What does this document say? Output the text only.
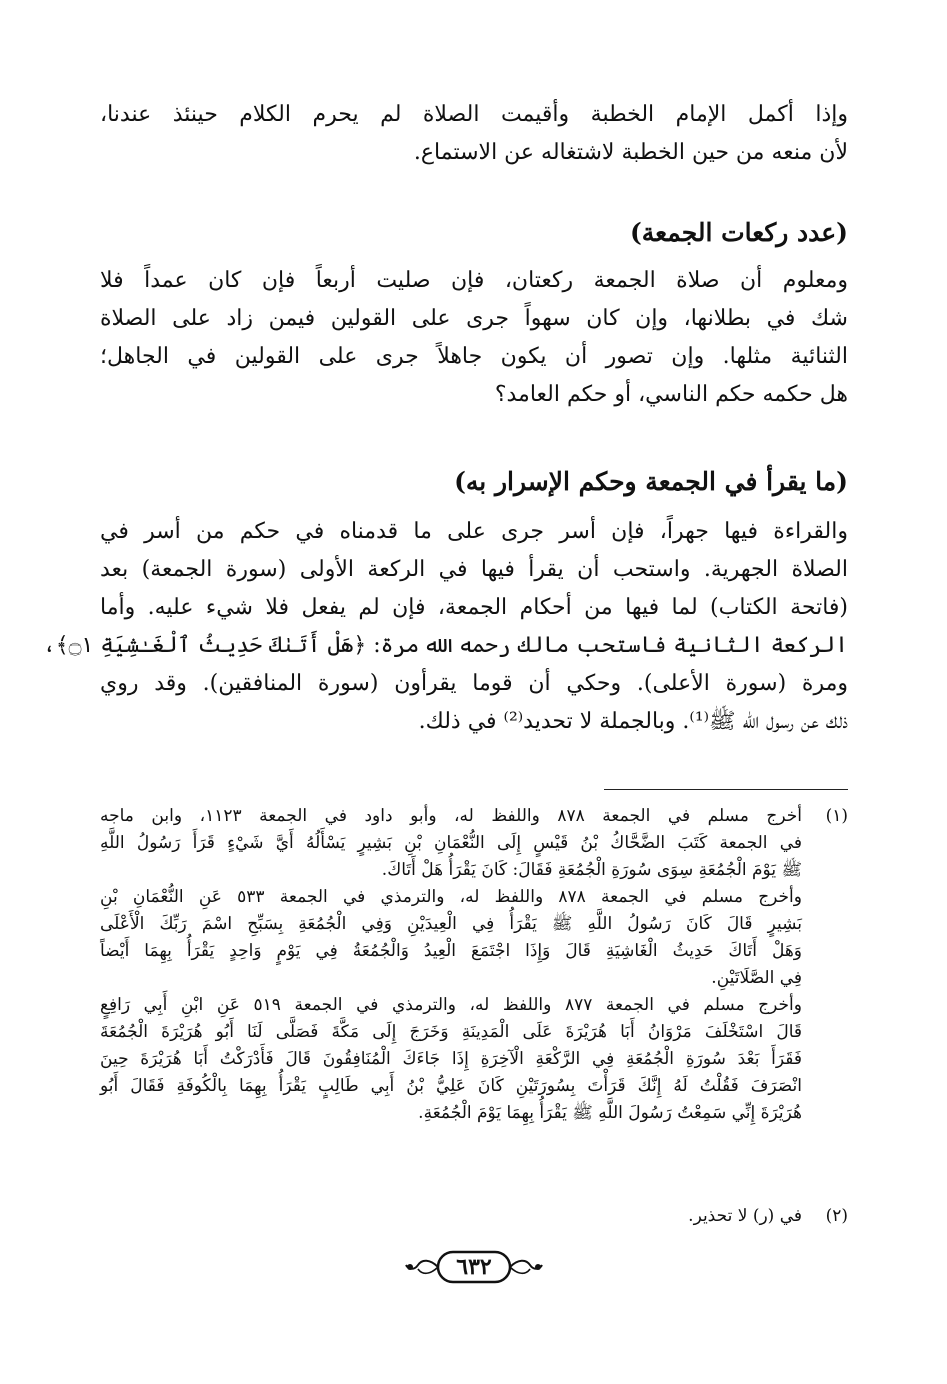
وإذا أكمل الإمام الخطبة وأقيمت الصلاة لم يحرم الكلام حينئذ عندنا،
لأن منعه من حين الخطبة لاشتغاله عن الاستماع.
(عدد ركعات الجمعة)
ومعلوم أن صلاة الجمعة ركعتان، فإن صليت أربعاً فإن كان عمداً فلا
شك في بطلانها، وإن كان سهواً جرى على القولين فيمن زاد على الصلاة
الثنائية مثلها. وإن تصور أن يكون جاهلاً جرى على القولين في الجاهل؛
هل حكمه حكم الناسي، أو حكم العامد؟
(ما يقرأ في الجمعة وحكم الإسرار به)
والقراءة فيها جهراً، فإن أسر جرى على ما قدمناه في حكم من أسر في
الصلاة الجهرية. واستحب أن يقرأ فيها في الركعة الأولى (سورة الجمعة) بعد
(فاتحة الكتاب) لما فيها من أحكام الجمعة، فإن لم يفعل فلا شيء عليه. وأما
الركعة الثانية فاستحب مالك رحمه الله مرة: ﴿هَلْ أَتَىٰكَ حَدِيثُ ٱلْغَـٰشِيَةِ ۝١﴾،
ومرة (سورة الأعلى). وحكي أن قوما يقرأون (سورة المنافقين). وقد روي
ذلك عن رسول الله ﷺ⁽¹⁾. وبالجملة لا تحديد⁽²⁾ في ذلك.
(١)
أخرج مسلم في الجمعة ٨٧٨ واللفظ له، وأبو داود في الجمعة ١١٢٣، وابن ماجه
في الجمعة كَتَبَ الضَّحَّاكُ بْنُ قَيْسٍ إِلَى النُّعْمَانِ بْنِ بَشِيرٍ يَسْأَلُهُ أَيَّ شَيْءٍ قَرَأَ رَسُولُ اللَّهِ
ﷺ يَوْمَ الْجُمُعَةِ سِوَى سُورَةِ الْجُمُعَةِ فَقَالَ: كَانَ يَقْرَأُ هَلْ أَتَاكَ.
وأخرج مسلم في الجمعة ٨٧٨ واللفظ له، والترمذي في الجمعة ٥٣٣ عَنِ النُّعْمَانِ بْنِ
بَشِيرٍ قَالَ كَانَ رَسُولُ اللَّهِ ﷺ يَقْرَأُ فِي الْعِيدَيْنِ وَفِي الْجُمُعَةِ بِسَبِّحِ اسْمَ رَبِّكَ الْأَعْلَى
وَهَلْ أَتَاكَ حَدِيثُ الْغَاشِيَةِ قَالَ وَإِذَا اجْتَمَعَ الْعِيدُ وَالْجُمُعَةُ فِي يَوْمٍ وَاحِدٍ يَقْرَأُ بِهِمَا أَيْضاً
فِي الصَّلَاتَيْنِ.
وأخرج مسلم في الجمعة ٨٧٧ واللفظ له، والترمذي في الجمعة ٥١٩ عَنِ ابْنِ أَبِي رَافِعٍ
قَالَ اسْتَخْلَفَ مَرْوَانُ أَبَا هُرَيْرَةَ عَلَى الْمَدِينَةِ وَخَرَجَ إِلَى مَكَّةَ فَصَلَّى لَنَا أَبُو هُرَيْرَةَ الْجُمُعَةَ
فَقَرَأَ بَعْدَ سُورَةِ الْجُمُعَةِ فِي الرَّكْعَةِ الْآخِرَةِ إِذَا جَاءَكَ الْمُنَافِقُونَ قَالَ فَأَدْرَكْتُ أَبَا هُرَيْرَةَ حِينَ
انْصَرَفَ فَقُلْتُ لَهُ إِنَّكَ قَرَأْتَ بِسُورَتَيْنِ كَانَ عَلِيُّ بْنُ أَبِي طَالِبٍ يَقْرَأُ بِهِمَا بِالْكُوفَةِ فَقَالَ أَبُو
هُرَيْرَةَ إِنِّي سَمِعْتُ رَسُولَ اللَّهِ ﷺ يَقْرَأُ بِهِمَا يَوْمَ الْجُمُعَةِ.
(٢)
في (ر) لا تحذير.
٦٣٢
